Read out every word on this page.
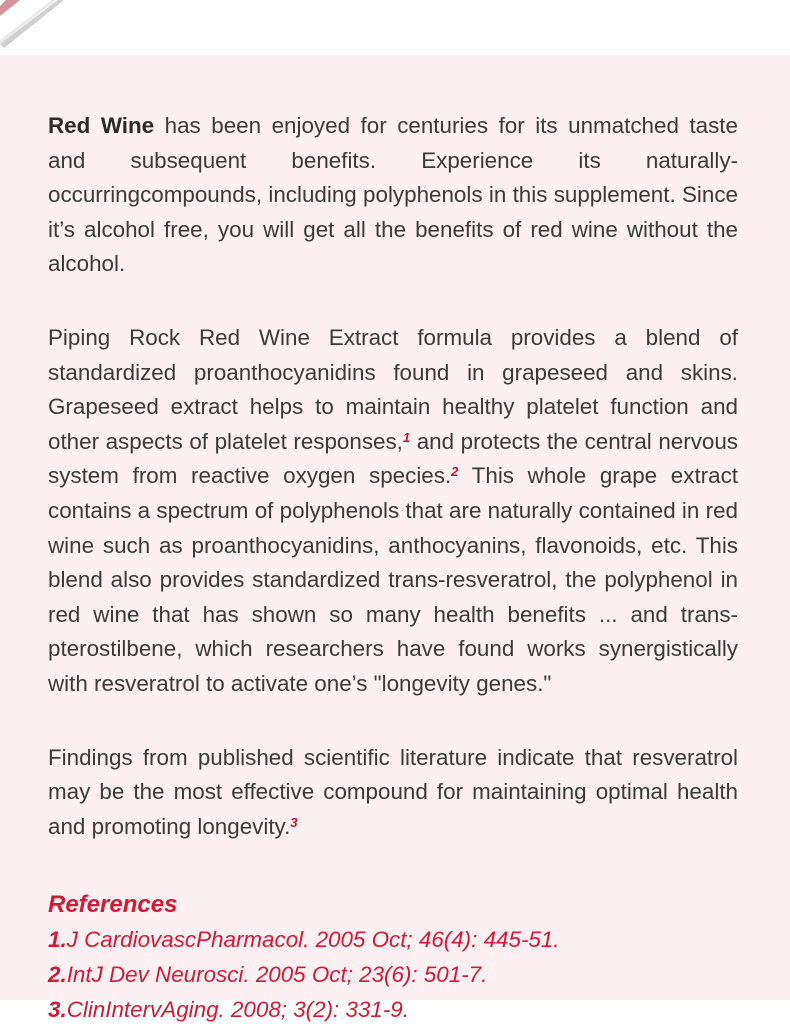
Red Wine has been enjoyed for centuries for its unmatched taste and subsequent benefits. Experience its naturally-occurringcompounds, including polyphenols in this supplement. Since it’s alcohol free, you will get all the benefits of red wine without the alcohol.

Piping Rock Red Wine Extract formula provides a blend of standardized proanthocyanidins found in grapeseed and skins. Grapeseed extract helps to maintain healthy platelet function and other aspects of platelet responses,$^1$ and protects the central nervous system from reactive oxygen species.$^2$ This whole grape extract contains a spectrum of polyphenols that are naturally contained in red wine such as proanthocyanidins, anthocyanins, flavonoids, etc. This blend also provides standardized trans-resveratrol, the polyphenol in red wine that has shown so many health benefits ... and trans-pterostilbene, which researchers have found works synergistically with resveratrol to activate one’s "longevity genes."

Findings from published scientific literature indicate that resveratrol may be the most effective compound for maintaining optimal health and promoting longevity.$^3$

References
1.J CardiovascPharmacol. 2005 Oct; 46(4): 445-51.
2.IntJ Dev Neurosci. 2005 Oct; 23(6): 501-7.
3.ClinIntervAging. 2008; 3(2): 331-9.
